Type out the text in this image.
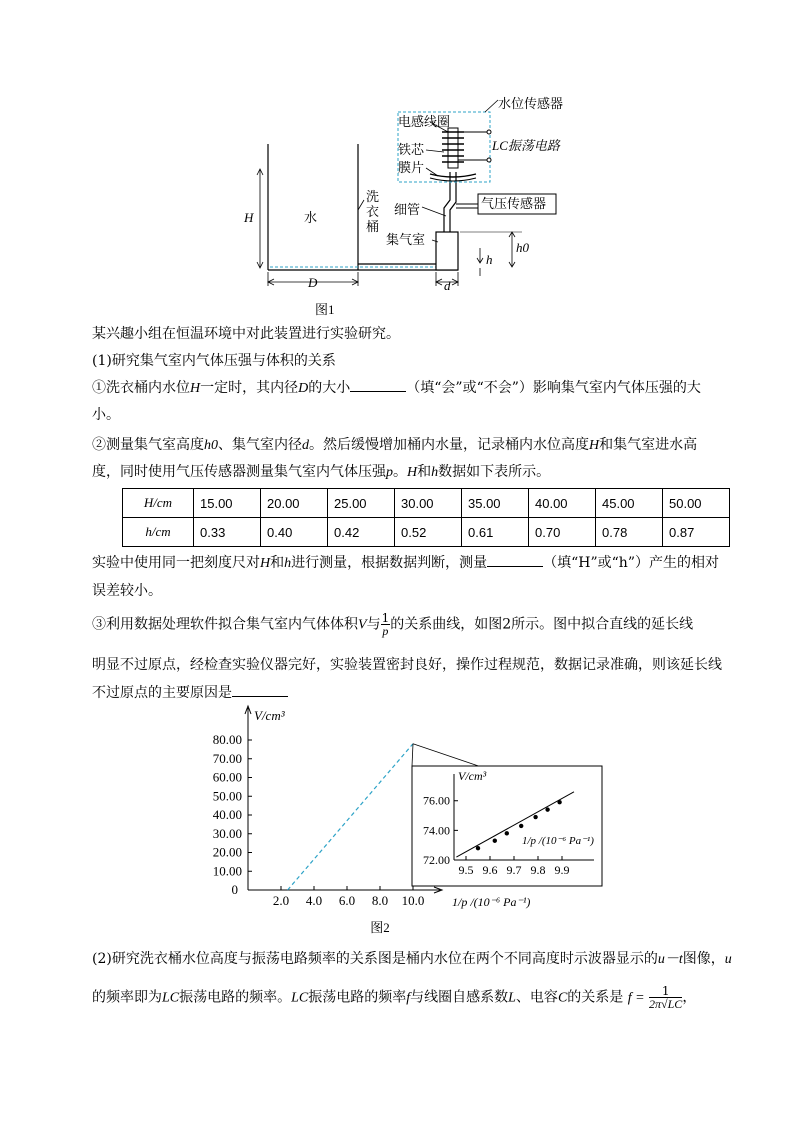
水位传感器
电感线圈
铁芯
膜片
LC振荡电路
气压传感器
细管
集气室
水
H
D	d
h
h0
图1
洗衣桶
某兴趣小组在恒温环境中对此装置进行实验研究。
(1)研究集气室内气体压强与体积的关系
①洗衣桶内水位H一定时，其内径D的大小	（填“会”或“不会”）影响集气室内气体压强的大
小。
②测量集气室高度h0、集气室内径d。然后缓慢增加桶内水量，记录桶内水位高度H和集气室进水高
度，同时使用气压传感器测量集气室内气体压强p。H和h数据如下表所示。
H/cm	15.00	20.00	25.00	30.00	35.00	40.00	45.00	50.00
h/cm	0.33	0.40	0.42	0.52	0.61	0.70	0.78	0.87
实验中使用同一把刻度尺对H和h进行测量，根据数据判断，测量	（填“H”或“h”）产生的相对
误差较小。
③利用数据处理软件拟合集气室内气体体积V与 $\frac{1}{p}$ 的关系曲线，如图2所示。图中拟合直线的延长线
明显不过原点，经检查实验仪器完好，实验装置密封良好，操作过程规范，数据记录准确，则该延长线
不过原点的主要原因是
10.00
20.00
30.00
40.00
50.00
60.00
70.00
80.00
2.0 4.0 6.0 8.0 10.0
0
V/cm³
1/p /(10⁻⁶ Pa⁻¹)
图2
72.00
74.00
76.00
9.5 9.6 9.7 9.8 9.9
V/cm³
1/p /(10⁻⁶ Pa⁻¹)
(2)研究洗衣桶水位高度与振荡电路频率的关系图是桶内水位在两个不同高度时示波器显示的u－t图像，u
的频率即为LC振荡电路的频率。LC振荡电路的频率f与线圈自感系数L、电容C的关系是 $f = \frac{1}{2\pi√LC}$ ，
